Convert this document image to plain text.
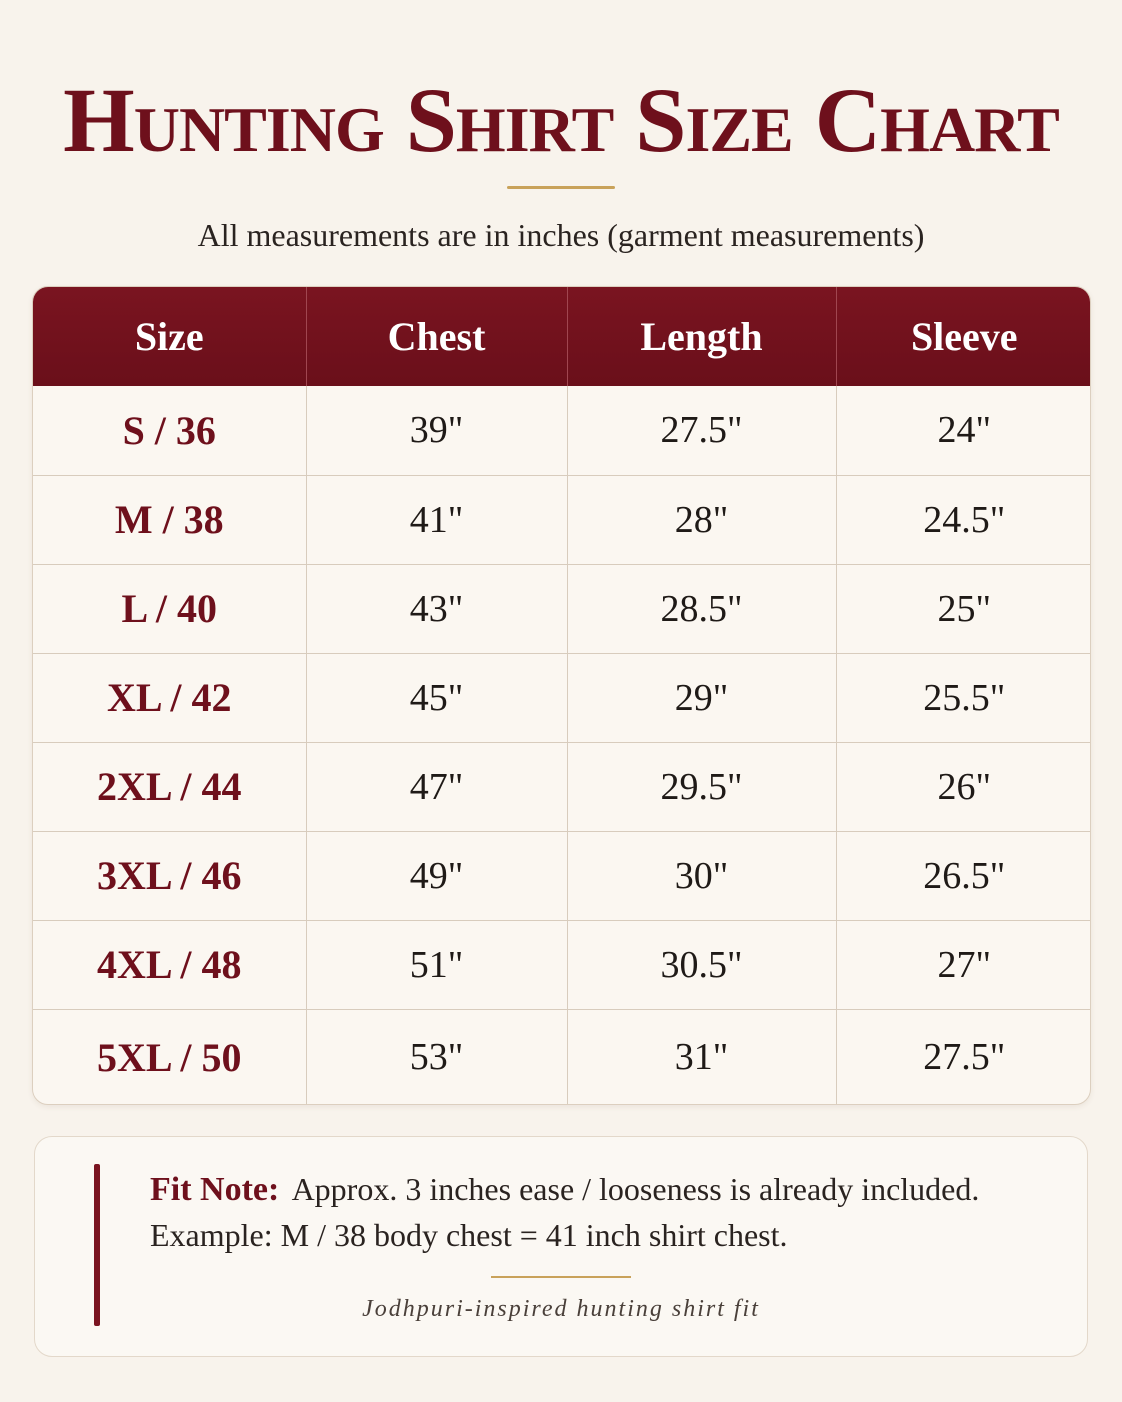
Hunting Shirt Size Chart

All measurements are in inches (garment measurements)

Size	Chest	Length	Sleeve
S / 36	39"	27.5"	24"
M / 38	41"	28"	24.5"
L / 40	43"	28.5"	25"
XL / 42	45"	29"	25.5"
2XL / 44	47"	29.5"	26"
3XL / 46	49"	30"	26.5"
4XL / 48	51"	30.5"	27"
5XL / 50	53"	31"	27.5"

Fit Note: Approx. 3 inches ease / looseness is already included.

Example: M / 38 body chest = 41 inch shirt chest.

Jodhpuri-inspired hunting shirt fit
